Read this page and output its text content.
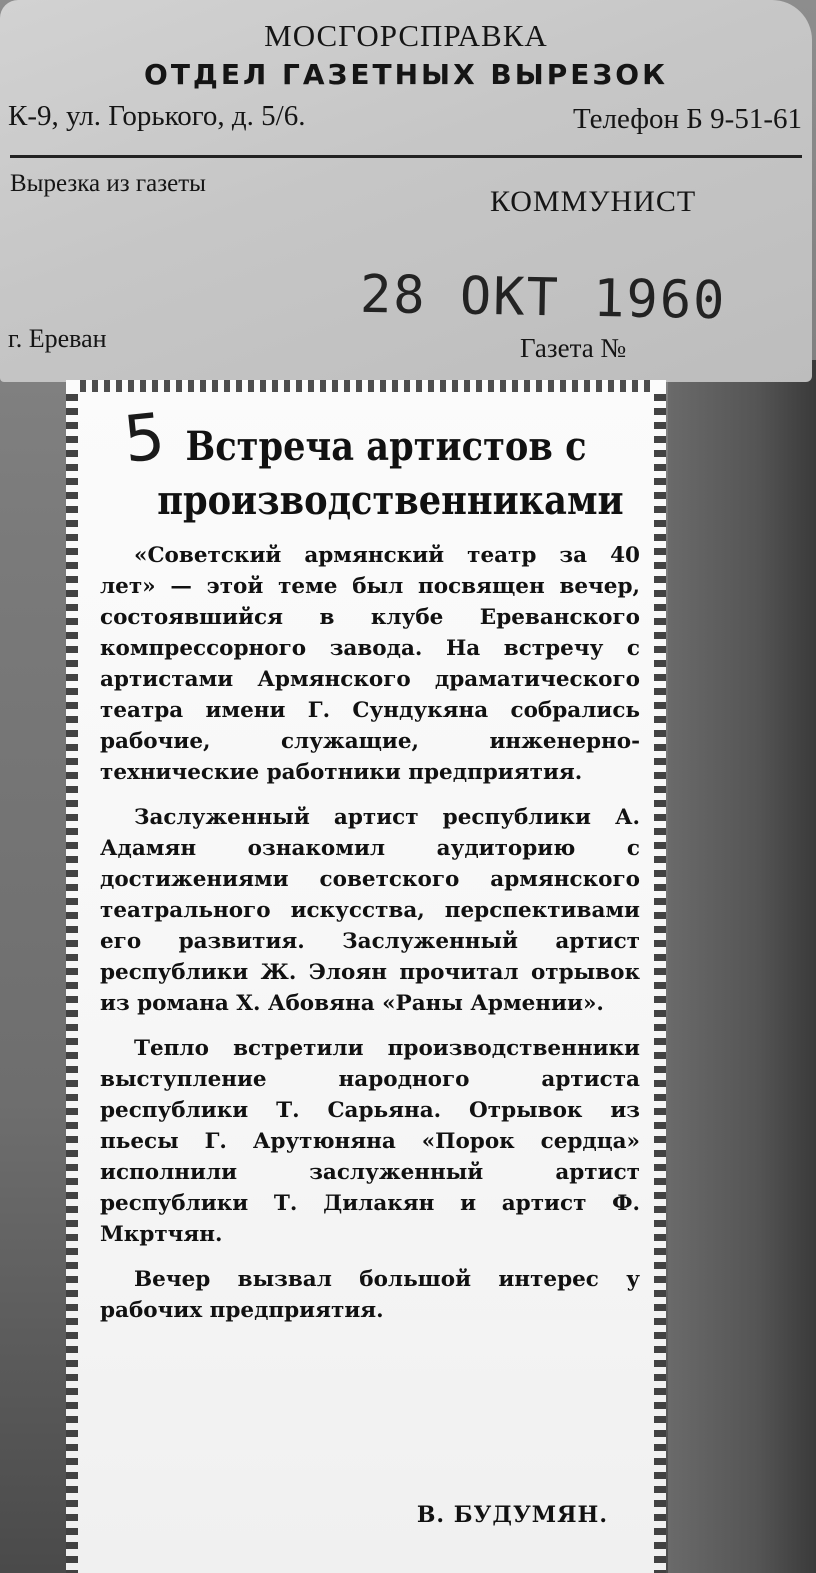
МОСГОРСПРАВКА
ОТДЕЛ ГАЗЕТНЫХ ВЫРЕЗОК
К-9, ул. Горького, д. 5/6.	Телефон Б 9-51-61
Вырезка из газеты
КОММУНИСТ
28 ОКТ 1960
г. Ереван	Газета №
5 Встреча артистов с производственниками

«Советский армянский театр за 40 лет» — этой теме был посвящен вечер, состоявшийся в клубе Ереванского компрессорного завода. На встречу с артистами Армянского драматического театра имени Г. Сундукяна собрались рабочие, служащие, инженерно-технические работники предприятия.

Заслуженный артист республики А. Адамян ознакомил аудиторию с достижениями советского армянского театрального искусства, перспективами его развития. Заслуженный артист республики Ж. Элоян прочитал отрывок из романа Х. Абовяна «Раны Армении».

Тепло встретили производственники выступление народного артиста республики Т. Сарьяна. Отрывок из пьесы Г. Арутюняна «Порок сердца» исполнили заслуженный артист республики Т. Дилакян и артист Ф. Мкртчян.

Вечер вызвал большой интерес у рабочих предприятия.

В. БУДУМЯН.
